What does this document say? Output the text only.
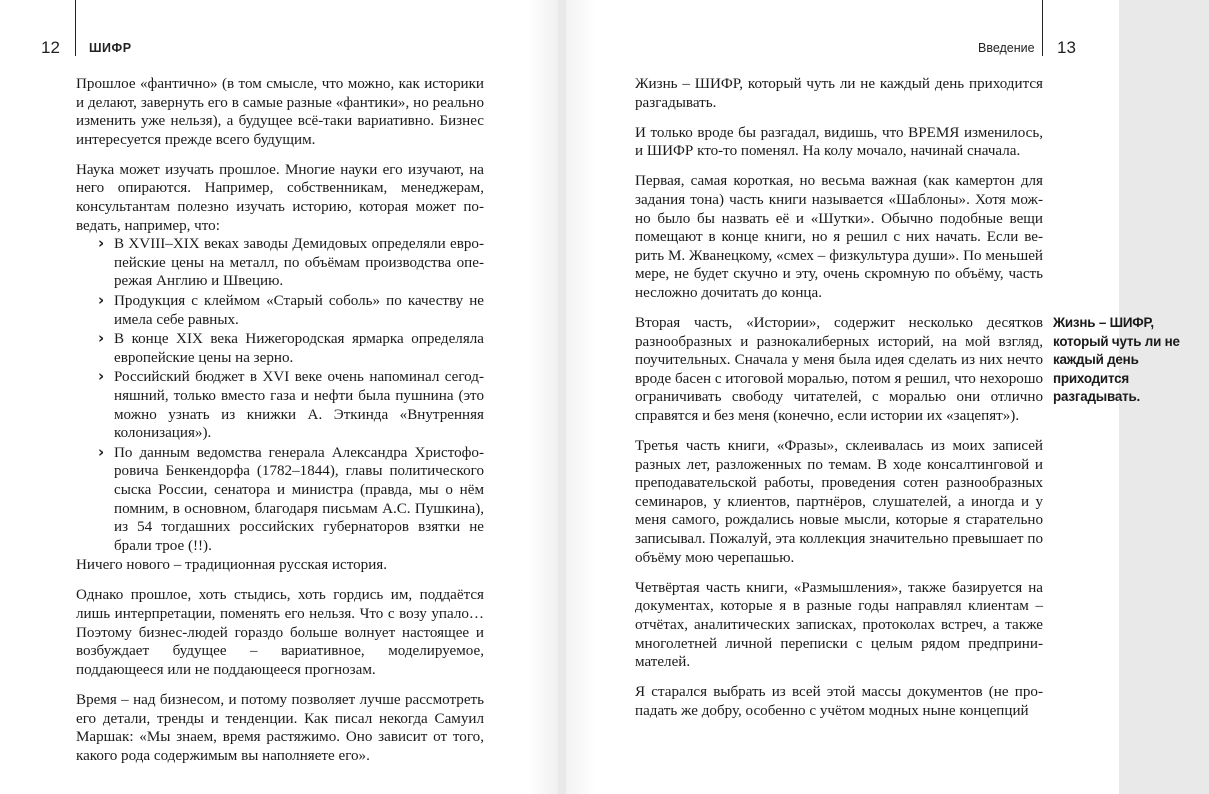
12 ШИФР

Прошлое «фантично» (в том смысле, что можно, как историки и делают, завернуть его в самые разные «фантики», но реально изменить уже нельзя), а будущее всё-таки вариативно. Бизнес интересуется прежде всего будущим.

Наука может изучать прошлое. Многие науки его изучают, на него опираются. Например, собственникам, менеджерам, консультантам полезно изучать историю, которая может поведать, например, что:

› В XVIII–XIX веках заводы Демидовых определяли европейские цены на металл, по объёмам производства опережая Англию и Швецию.
› Продукция с клеймом «Старый соболь» по качеству не имела себе равных.
› В конце XIX века Нижегородская ярмарка определяла европейские цены на зерно.
› Российский бюджет в XVI веке очень напоминал сегодняшний, только вместо газа и нефти была пушнина (это можно узнать из книжки А. Эткинда «Внутренняя колонизация»).
› По данным ведомства генерала Александра Христофоровича Бенкендорфа (1782–1844), главы политического сыска России, сенатора и министра (правда, мы о нём помним, в основном, благодаря письмам А.С. Пушкина), из 54 тогдашних российских губернаторов взятки не брали трое (!!).

Ничего нового – традиционная русская история.

Однако прошлое, хоть стыдись, хоть гордись им, поддаётся лишь интерпретации, поменять его нельзя. Что с возу упало… Поэтому бизнес-людей гораздо больше волнует настоящее и возбуждает будущее – вариативное, моделируемое, поддающееся или не поддающееся прогнозам.

Время – над бизнесом, и потому позволяет лучше рассмотреть его детали, тренды и тенденции. Как писал некогда Самуил Маршак: «Мы знаем, время растяжимо. Оно зависит от того, какого рода содержимым вы наполняете его».

Введение 13

Жизнь – ШИФР, который чуть ли не каждый день приходится разгадывать.

И только вроде бы разгадал, видишь, что ВРЕМЯ изменилось, и ШИФР кто-то поменял. На колу мочало, начинай сначала.

Первая, самая короткая, но весьма важная (как камертон для задания тона) часть книги называется «Шаблоны». Хотя можно было бы назвать её и «Шутки». Обычно подобные вещи помещают в конце книги, но я решил с них начать. Если верить М. Жванецкому, «смех – физкультура души». По меньшей мере, не будет скучно и эту, очень скромную по объёму, часть несложно дочитать до конца.

Жизнь – ШИФР, который чуть ли не каждый день приходится разгадывать.

Вторая часть, «Истории», содержит несколько десятков разнообразных и разнокалиберных историй, на мой взгляд, поучительных. Сначала у меня была идея сделать из них нечто вроде басен с итоговой моралью, потом я решил, что нехорошо ограничивать свободу читателей, с моралью они отлично справятся и без меня (конечно, если истории их «зацепят»).

Третья часть книги, «Фразы», склеивалась из моих записей разных лет, разложенных по темам. В ходе консалтинговой и преподавательской работы, проведения сотен разнообразных семинаров, у клиентов, партнёров, слушателей, а иногда и у меня самого, рождались новые мысли, которые я старательно записывал. Пожалуй, эта коллекция значительно превышает по объёму мою черепашью.

Четвёртая часть книги, «Размышления», также базируется на документах, которые я в разные годы направлял клиентам – отчётах, аналитических записках, протоколах встреч, а также многолетней личной переписки с целым рядом предпринимателей.

Я старался выбрать из всей этой массы документов (не пропадать же добру, особенно с учётом модных ныне концепций
